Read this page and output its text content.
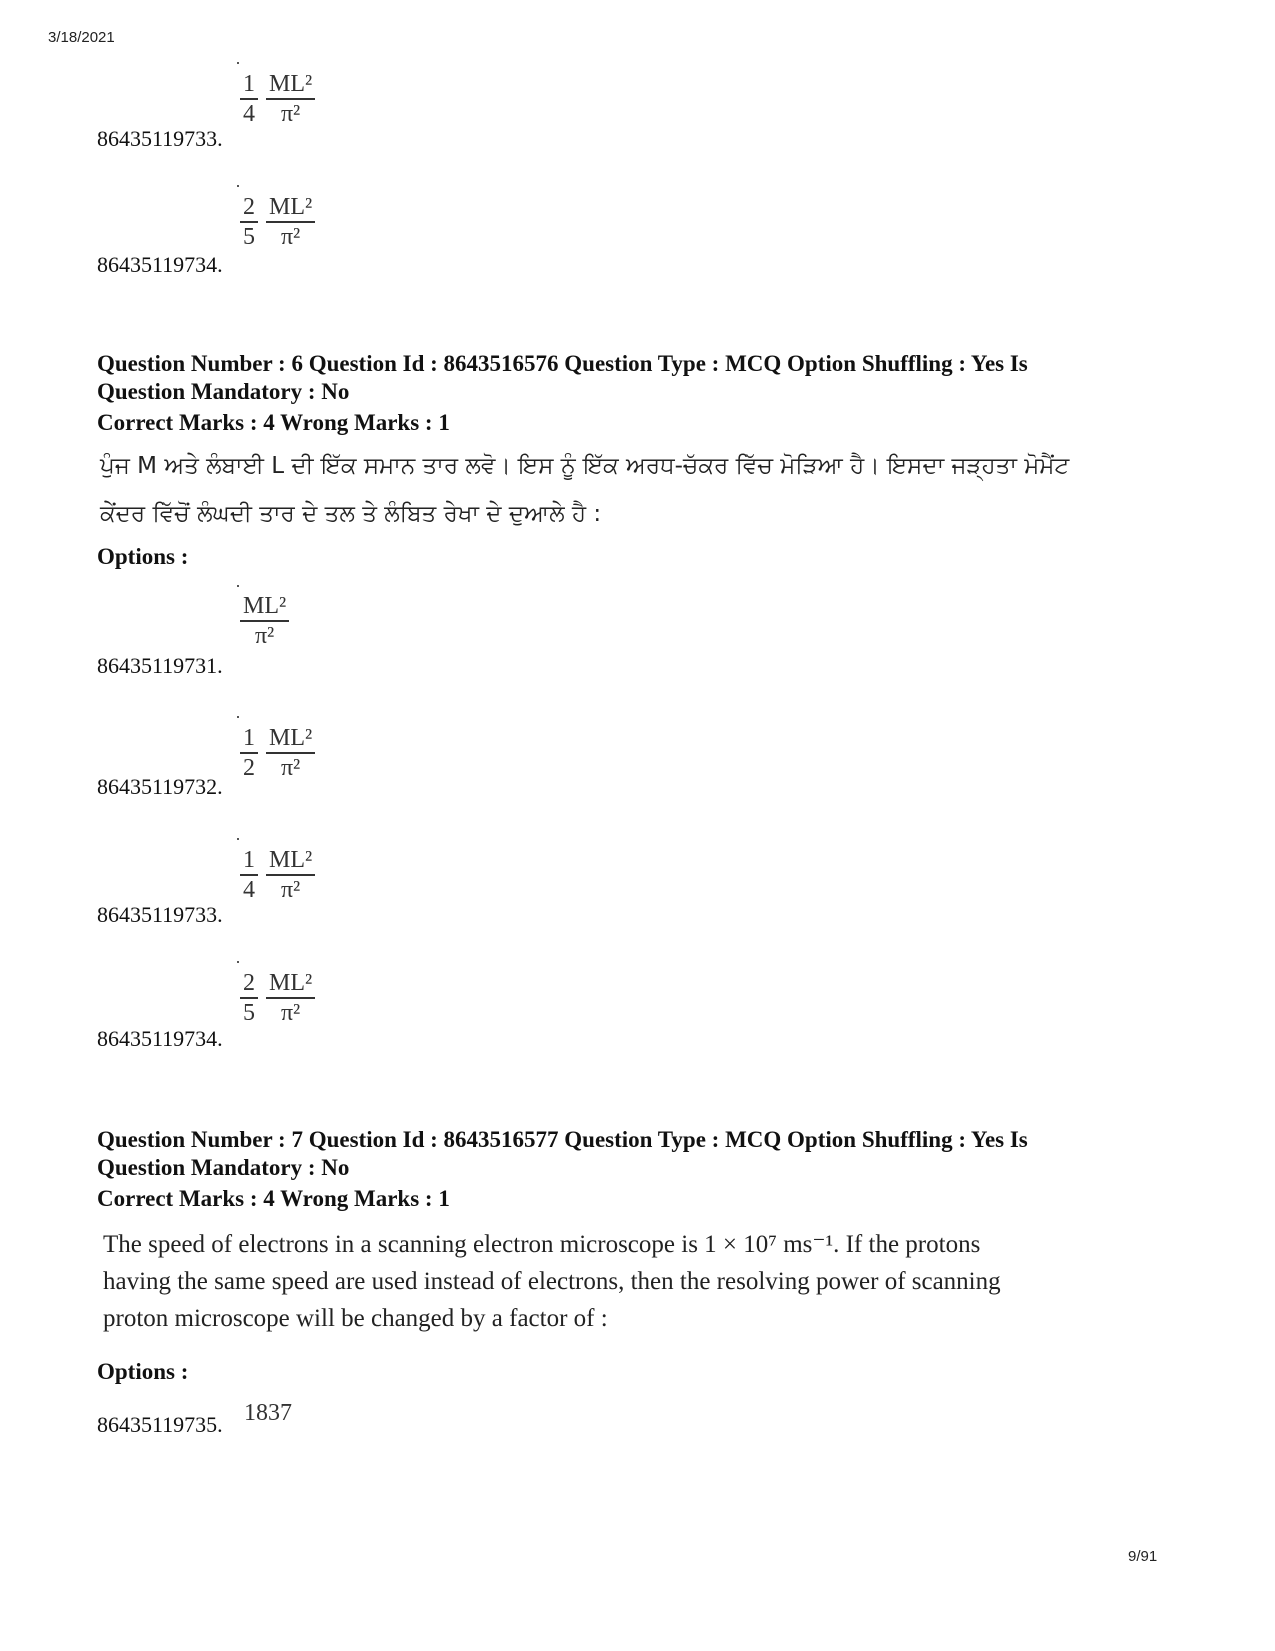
3/18/2021
$\frac{1}{4} \frac{\text{ML²}}{\text{π²}}$
86435119733.
$\frac{2}{5} \frac{\text{ML²}}{\text{π²}}$
86435119734.
Question Number : 6 Question Id : 8643516576 Question Type : MCQ Option Shuffling : Yes Is
Question Mandatory : No
Correct Marks : 4 Wrong Marks : 1
ਪੁੰਜ M ਅਤੇ ਲੰਬਾਈ L ਦੀ ਇੱਕ ਸਮਾਨ ਤਾਰ ਲਵੋ। ਇਸ ਨੂੰ ਇੱਕ ਅਰਧ-ਚੱਕਰ ਵਿੱਚ ਮੋੜਿਆ ਹੈ। ਇਸਦਾ ਜੜ੍ਹਤਾ ਮੋਮੈਂਟ
ਕੇਂਦਰ ਵਿੱਚੋਂ ਲੰਘਦੀ ਤਾਰ ਦੇ ਤਲ ਤੇ ਲੰਬਿਤ ਰੇਖਾ ਦੇ ਦੁਆਲੇ ਹੈ :
Options :
$\frac{\text{ML²}}{\text{π²}}$
86435119731.
$\frac{1}{2} \frac{\text{ML²}}{\text{π²}}$
86435119732.
$\frac{1}{4} \frac{\text{ML²}}{\text{π²}}$
86435119733.
$\frac{2}{5} \frac{\text{ML²}}{\text{π²}}$
86435119734.
Question Number : 7 Question Id : 8643516577 Question Type : MCQ Option Shuffling : Yes Is
Question Mandatory : No
Correct Marks : 4 Wrong Marks : 1
The speed of electrons in a scanning electron microscope is 1 × 10⁷ ms⁻¹. If the protons
having the same speed are used instead of electrons, then the resolving power of scanning
proton microscope will be changed by a factor of :
Options :
1837
86435119735.
9/91
